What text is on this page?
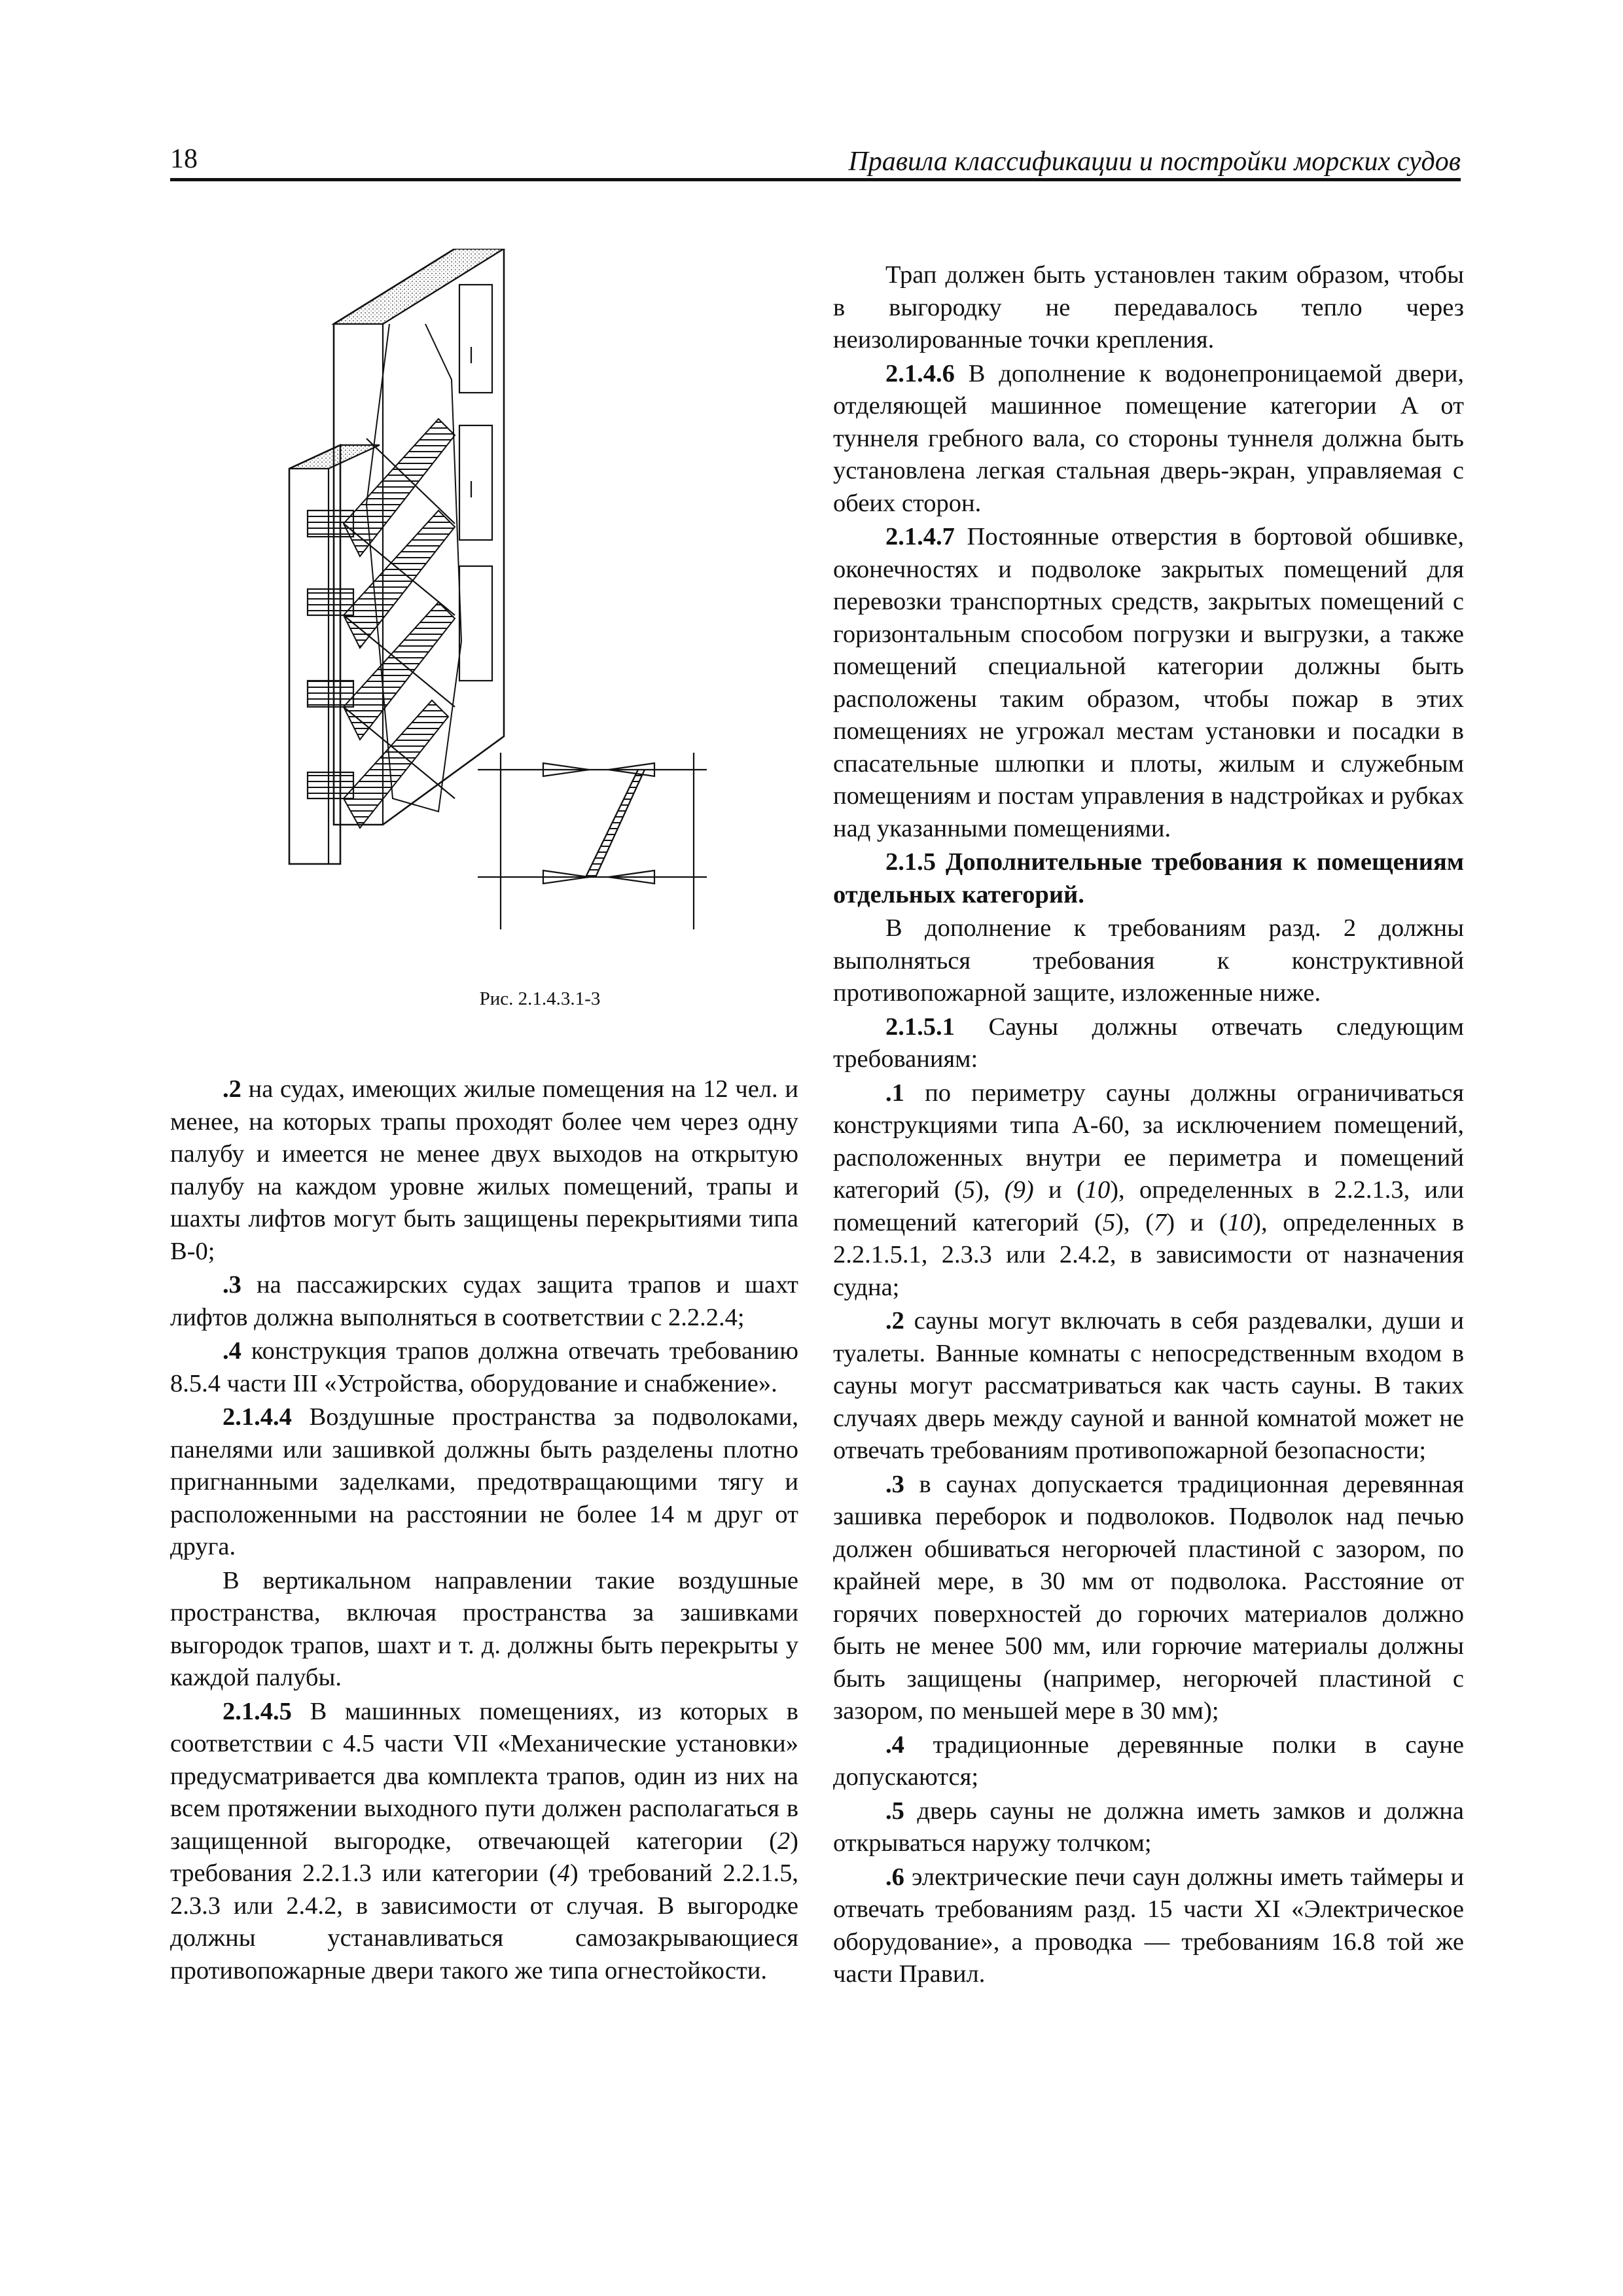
18	Правила классификации и постройки морских судов
Рис. 2.1.4.3.1-3

.2 на судах, имеющих жилые помещения на 12 чел. и менее, на которых трапы проходят более чем через одну палубу и имеется не менее двух выходов на открытую палубу на каждом уровне жилых помещений, трапы и шахты лифтов могут быть защищены перекрытиями типа B-0;

.3 на пассажирских судах защита трапов и шахт лифтов должна выполняться в соответствии с 2.2.2.4;

.4 конструкция трапов должна отвечать требованию 8.5.4 части III «Устройства, оборудование и снабжение».

2.1.4.4 Воздушные пространства за подволоками, панелями или зашивкой должны быть разделены плотно пригнанными заделками, предотвращающими тягу и расположенными на расстоянии не более 14 м друг от друга.

В вертикальном направлении такие воздушные пространства, включая пространства за зашивками выгородок трапов, шахт и т. д. должны быть перекрыты у каждой палубы.

2.1.4.5 В машинных помещениях, из которых в соответствии с 4.5 части VII «Механические установки» предусматривается два комплекта трапов, один из них на всем протяжении выходного пути должен располагаться в защищенной выгородке, отвечающей категории (2) требования 2.2.1.3 или категории (4) требований 2.2.1.5, 2.3.3 или 2.4.2, в зависимости от случая. В выгородке должны устанавливаться самозакрывающиеся противопожарные двери такого же типа огнестойкости.

Трап должен быть установлен таким образом, чтобы в выгородку не передавалось тепло через неизолированные точки крепления.

2.1.4.6 В дополнение к водонепроницаемой двери, отделяющей машинное помещение категории A от туннеля гребного вала, со стороны туннеля должна быть установлена легкая стальная дверь-экран, управляемая с обеих сторон.

2.1.4.7 Постоянные отверстия в бортовой обшивке, оконечностях и подволоке закрытых помещений для перевозки транспортных средств, закрытых помещений с горизонтальным способом погрузки и выгрузки, а также помещений специальной категории должны быть расположены таким образом, чтобы пожар в этих помещениях не угрожал местам установки и посадки в спасательные шлюпки и плоты, жилым и служебным помещениям и постам управления в надстройках и рубках над указанными помещениями.

2.1.5 Дополнительные требования к помещениям отдельных категорий.

В дополнение к требованиям разд. 2 должны выполняться требования к конструктивной противопожарной защите, изложенные ниже.

2.1.5.1 Сауны должны отвечать следующим требованиям:

.1 по периметру сауны должны ограничиваться конструкциями типа A-60, за исключением помещений, расположенных внутри ее периметра и помещений категорий (5), (9) и (10), определенных в 2.2.1.3, или помещений категорий (5), (7) и (10), определенных в 2.2.1.5.1, 2.3.3 или 2.4.2, в зависимости от назначения судна;

.2 сауны могут включать в себя раздевалки, души и туалеты. Ванные комнаты с непосредственным входом в сауны могут рассматриваться как часть сауны. В таких случаях дверь между сауной и ванной комнатой может не отвечать требованиям противопожарной безопасности;

.3 в саунах допускается традиционная деревянная зашивка переборок и подволоков. Подволок над печью должен обшиваться негорючей пластиной с зазором, по крайней мере, в 30 мм от подволока. Расстояние от горячих поверхностей до горючих материалов должно быть не менее 500 мм, или горючие материалы должны быть защищены (например, негорючей пластиной с зазором, по меньшей мере в 30 мм);

.4 традиционные деревянные полки в сауне допускаются;

.5 дверь сауны не должна иметь замков и должна открываться наружу толчком;

.6 электрические печи саун должны иметь таймеры и отвечать требованиям разд. 15 части XI «Электрическое оборудование», а проводка — требованиям 16.8 той же части Правил.
